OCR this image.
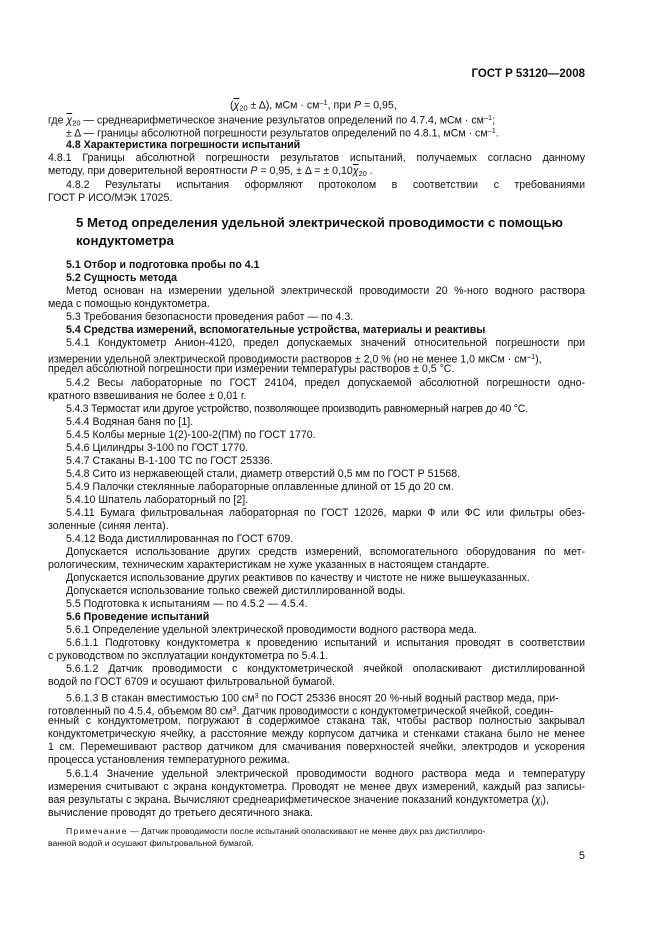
ГОСТ Р 53120—2008
$(\overline{\chi}_{20} \pm \Delta)$, мСм · $см^{-1}$, при P = 0,95,
где $\overline{\chi}_{20}$ — среднеарифметическое значение результатов определений по 4.7.4, мСм · $см^{-1}$;
± Δ — границы абсолютной погрешности результатов определений по 4.8.1, мСм · $см^{-1}$.
4.8 Характеристика погрешности испытаний
4.8.1 Границы абсолютной погрешности результатов испытаний, получаемых согласно данному
методу, при доверительной вероятности P = 0,95, ± Δ = ± $0,10\overline{\chi}_{20}$ .
4.8.2 Результаты испытания оформляют протоколом в соответствии с требованиями
ГОСТ Р ИСО/МЭК 17025.
5 Метод определения удельной электрической проводимости с помощью
кондуктометра
5.1 Отбор и подготовка пробы по 4.1
5.2 Сущность метода
Метод основан на измерении удельной электрической проводимости 20 %-ного водного раствора
меда с помощью кондуктометра.
5.3 Требования безопасности проведения работ — по 4.3.
5.4 Средства измерений, вспомогательные устройства, материалы и реактивы
5.4.1 Кондуктометр Анион-4120, предел допускаемых значений относительной погрешности при
измерении удельной электрической проводимости растворов ± 2,0 % (но не менее 1,0 мкСм · $см^{-1}$),
предел абсолютной погрешности при измерении температуры растворов ± 0,5 °С.
5.4.2 Весы лабораторные по ГОСТ 24104, предел допускаемой абсолютной погрешности одно-
кратного взвешивания не более ± 0,01 г.
5.4.3 Термостат или другое устройство, позволяющее производить равномерный нагрев до 40 °С.
5.4.4 Водяная баня по [1].
5.4.5 Колбы мерные 1(2)-100-2(ПМ) по ГОСТ 1770.
5.4.6 Цилиндры 3-100 по ГОСТ 1770.
5.4.7 Стаканы В-1-100 ТС по ГОСТ 25336.
5.4.8 Сито из нержавеющей стали, диаметр отверстий 0,5 мм по ГОСТ Р 51568.
5.4.9 Палочки стеклянные лабораторные оплавленные длиной от 15 до 20 см.
5.4.10 Шпатель лабораторный по [2].
5.4.11 Бумага фильтровальная лабораторная по ГОСТ 12026, марки Ф или ФС или фильтры обез-
золенные (синяя лента).
5.4.12 Вода дистиллированная по ГОСТ 6709.
Допускается использование других средств измерений, вспомогательного оборудования по мет-
рологическим, техническим характеристикам не хуже указанных в настоящем стандарте.
Допускается использование других реактивов по качеству и чистоте не ниже вышеуказанных.
Допускается использование только свежей дистиллированной воды.
5.5 Подготовка к испытаниям — по 4.5.2 — 4.5.4.
5.6 Проведение испытаний
5.6.1 Определение удельной электрической проводимости водного раствора меда.
5.6.1.1 Подготовку кондуктометра к проведению испытаний и испытания проводят в соответствии
с руководством по эксплуатации кондуктометра по 5.4.1.
5.6.1.2 Датчик проводимости с кондуктометрической ячейкой ополаскивают дистиллированной
водой по ГОСТ 6709 и осушают фильтровальной бумагой.
5.6.1.3 В стакан вместимостью 100 $см^3$ по ГОСТ 25336 вносят 20 %-ный водный раствор меда, при-
готовленный по 4.5.4, объемом 80 $см^3$. Датчик проводимости с кондуктометрической ячейкой, соедин-
енный с кондуктометром, погружают в содержимое стакана так, чтобы раствор полностью закрывал
кондуктометрическую ячейку, а расстояние между корпусом датчика и стенками стакана было не менее
1 см. Перемешивают раствор датчиком для смачивания поверхностей ячейки, электродов и ускорения
процесса установления температурного режима.
5.6.1.4 Значение удельной электрической проводимости водного раствора меда и температуру
измерения считывают с экрана кондуктометра. Проводят не менее двух измерений, каждый раз записы-
вая результаты с экрана. Вычисляют среднеарифметическое значение показаний кондуктометра $(\chi_i)$,
вычисление проводят до третьего десятичного знака.
Примечание — Датчик проводимости после испытаний ополаскивают не менее двух раз дистиллиро-
ванной водой и осушают фильтровальной бумагой.
5
